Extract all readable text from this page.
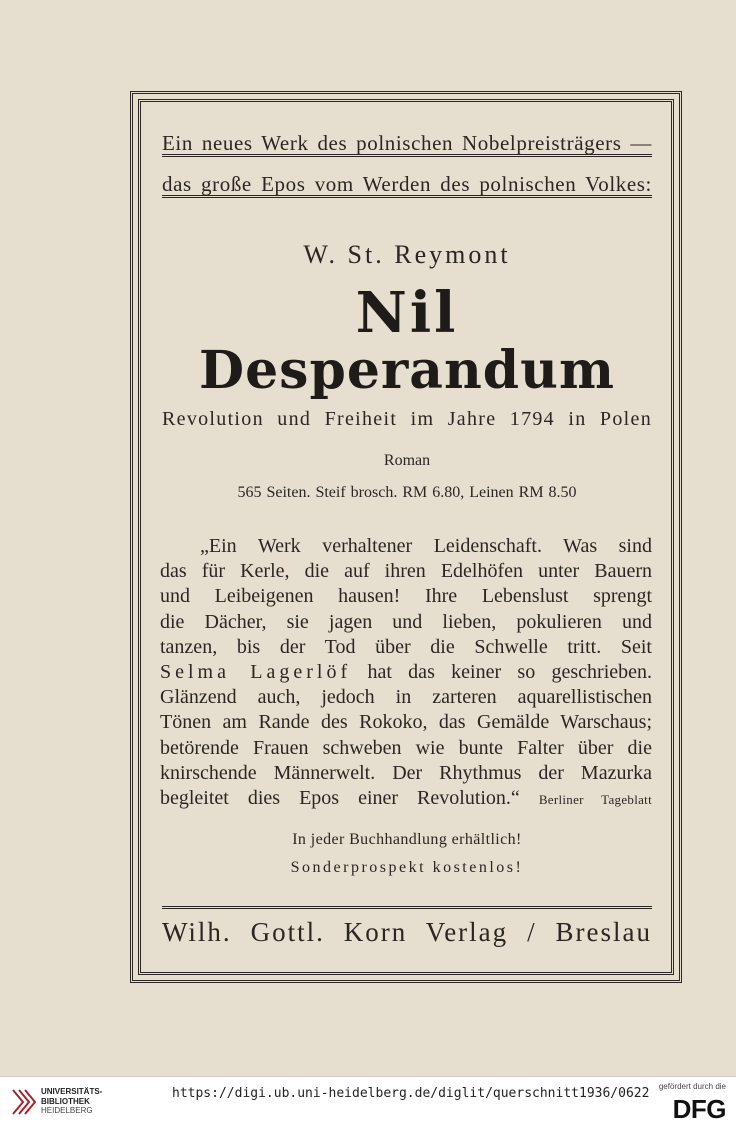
Ein neues Werk des polnischen Nobelpreisträgers —
das große Epos vom Werden des polnischen Volkes:
W. St. Reymont
Nil
Desperandum
Revolution und Freiheit im Jahre 1794 in Polen
Roman
565 Seiten. Steif brosch. RM 6.80, Leinen RM 8.50
„Ein Werk verhaltener Leidenschaft. Was sind
das für Kerle, die auf ihren Edelhöfen unter Bauern
und Leibeigenen hausen! Ihre Lebenslust sprengt
die Dächer, sie jagen und lieben, pokulieren und
tanzen, bis der Tod über die Schwelle tritt. Seit
Selma Lagerlöf hat das keiner so geschrieben.
Glänzend auch, jedoch in zarteren aquarellistischen
Tönen am Rande des Rokoko, das Gemälde Warschaus;
betörende Frauen schweben wie bunte Falter über die
knirschende Männerwelt. Der Rhythmus der Mazurka
begleitet dies Epos einer Revolution.“ Berliner Tageblatt
In jeder Buchhandlung erhältlich!
Sonderprospekt kostenlos!
Wilh. Gottl. Korn Verlag / Breslau
UNIVERSITÄTS-
BIBLIOTHEK
HEIDELBERG
https://digi.ub.uni-heidelberg.de/diglit/querschnitt1936/0622 gefördert durch die
DFG
